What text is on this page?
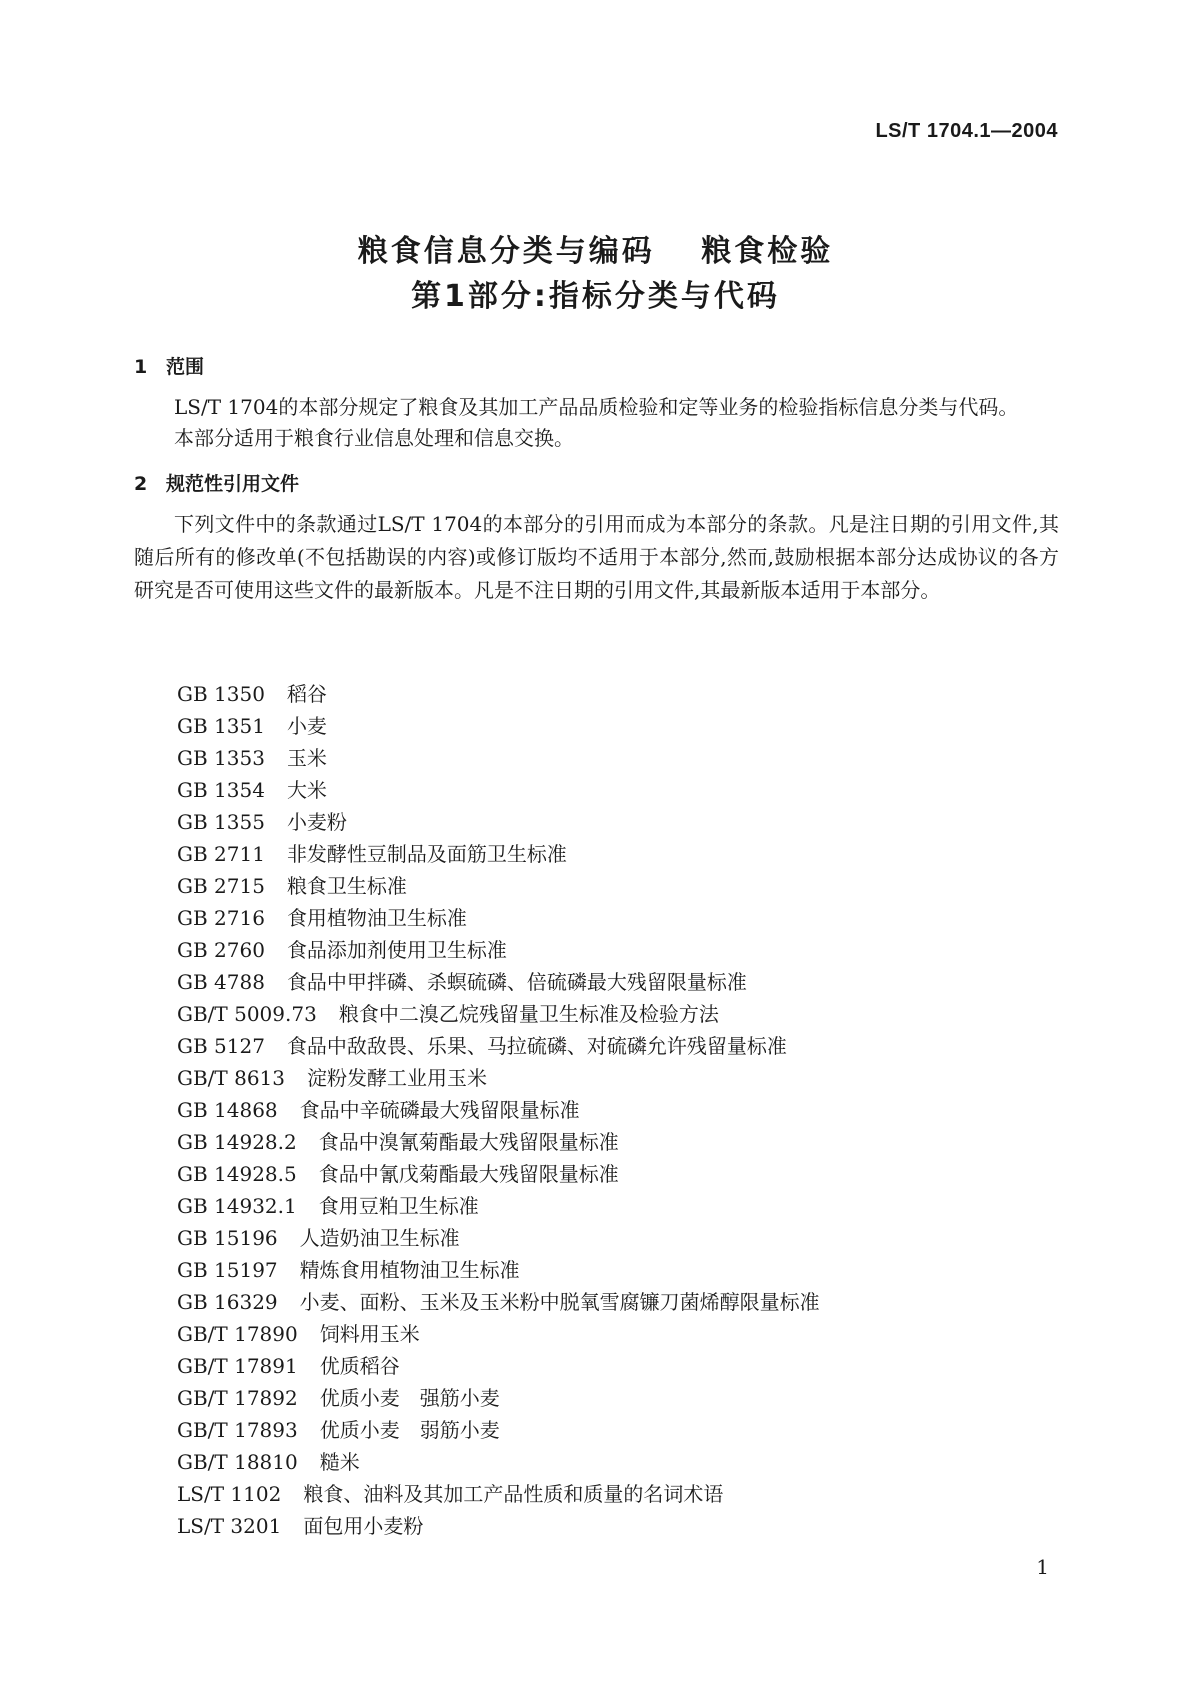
LS/T 1704.1—2004
粮食信息分类与编码　 粮食检验
第1部分:指标分类与代码
1 范围
LS/T 1704的本部分规定了粮食及其加工产品品质检验和定等业务的检验指标信息分类与代码。
本部分适用于粮食行业信息处理和信息交换。
2 规范性引用文件
下列文件中的条款通过LS/T 1704的本部分的引用而成为本部分的条款。凡是注日期的引用文件,其随后所有的修改单(不包括勘误的内容)或修订版均不适用于本部分,然而,鼓励根据本部分达成协议的各方研究是否可使用这些文件的最新版本。凡是不注日期的引用文件,其最新版本适用于本部分。
GB 1350 稻谷
GB 1351 小麦
GB 1353 玉米
GB 1354 大米
GB 1355 小麦粉
GB 2711 非发酵性豆制品及面筋卫生标准
GB 2715 粮食卫生标准
GB 2716 食用植物油卫生标准
GB 2760 食品添加剂使用卫生标准
GB 4788 食品中甲拌磷、杀螟硫磷、倍硫磷最大残留限量标准
GB/T 5009.73 粮食中二溴乙烷残留量卫生标准及检验方法
GB 5127 食品中敌敌畏、乐果、马拉硫磷、对硫磷允许残留量标准
GB/T 8613 淀粉发酵工业用玉米
GB 14868 食品中辛硫磷最大残留限量标准
GB 14928.2 食品中溴氰菊酯最大残留限量标准
GB 14928.5 食品中氰戊菊酯最大残留限量标准
GB 14932.1 食用豆粕卫生标准
GB 15196 人造奶油卫生标准
GB 15197 精炼食用植物油卫生标准
GB 16329 小麦、面粉、玉米及玉米粉中脱氧雪腐镰刀菌烯醇限量标准
GB/T 17890 饲料用玉米
GB/T 17891 优质稻谷
GB/T 17892 优质小麦　强筋小麦
GB/T 17893 优质小麦　弱筋小麦
GB/T 18810 糙米
LS/T 1102 粮食、油料及其加工产品性质和质量的名词术语
LS/T 3201 面包用小麦粉
1
